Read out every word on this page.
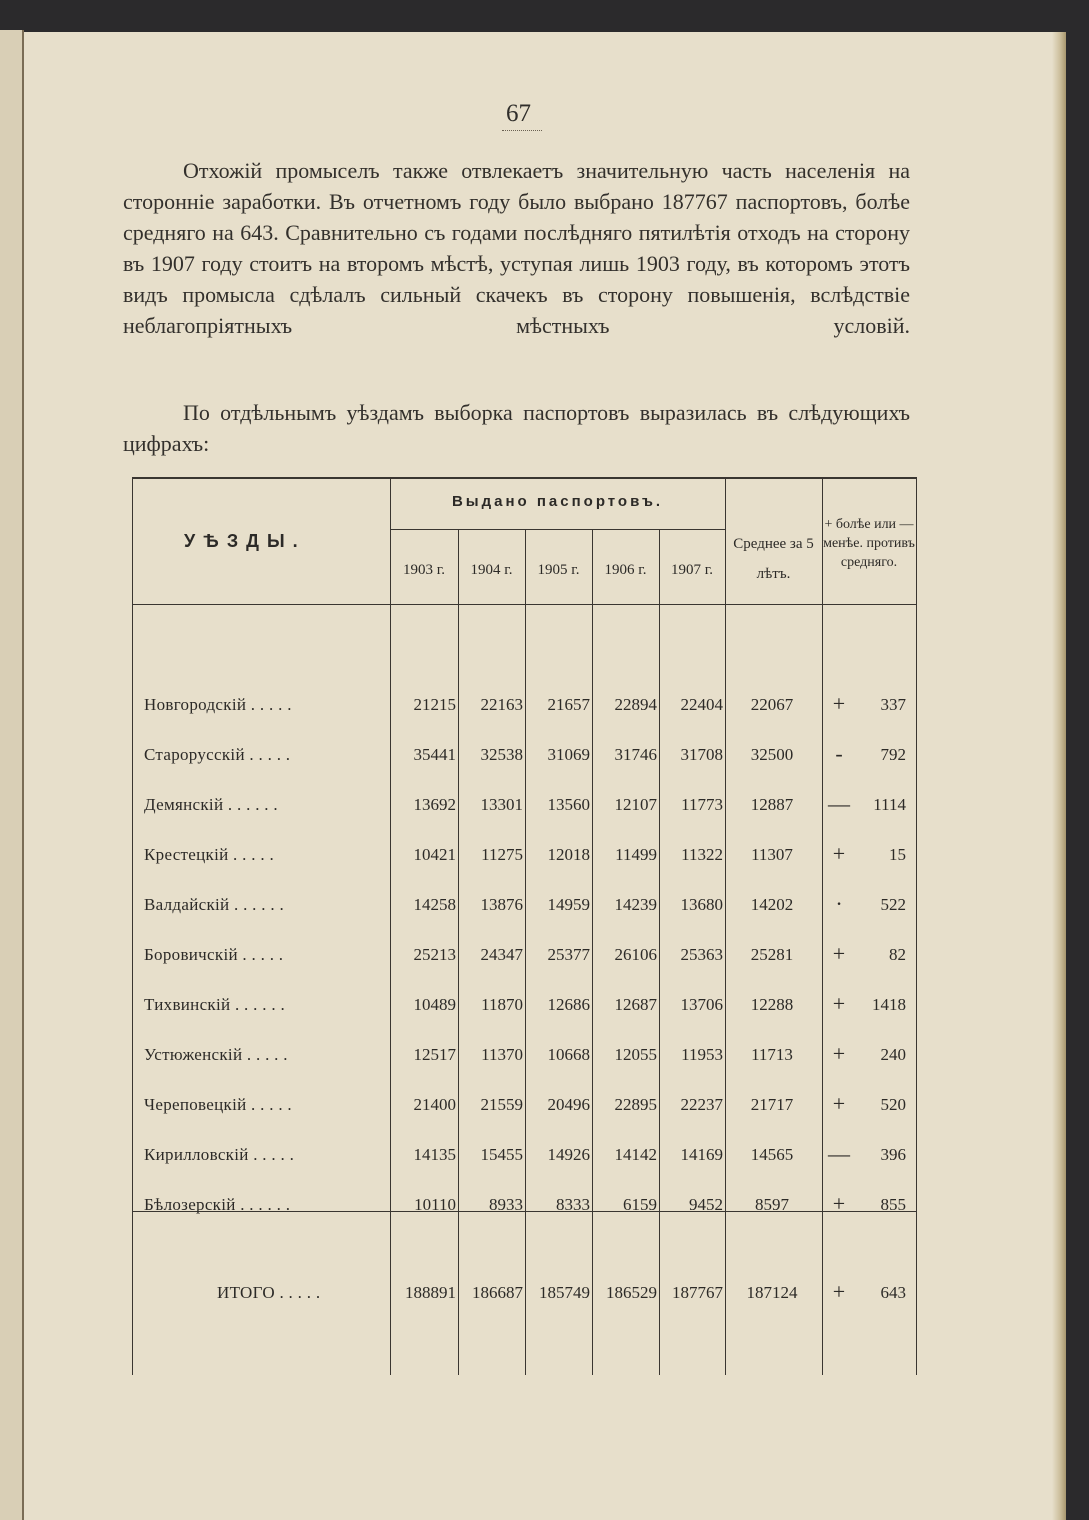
67
Отхожій промыселъ также отвлекаетъ значительную часть населенія на сторонніе заработки. Въ отчетномъ году было выбрано 187767 паспортовъ, болѣе средняго на 643. Сравнительно съ годами послѣдняго пятилѣтія отходъ на сторону въ 1907 году стоитъ на второмъ мѣстѣ, уступая лишь 1903 году, въ которомъ этотъ видъ промысла сдѣлалъ сильный скачекъ въ сторону повышенія, вслѣдствіе неблагопріятныхъ мѣстныхъ условій.
По отдѣльнымъ уѣздамъ выборка паспортовъ выразилась въ слѣдующихъ цифрахъ:
УѢЗДЫ.
Выдано паспортовъ.
1903 г.	1904 г.	1905 г.	1906 г.	1907 г.
Среднее за 5 лѣтъ.
+ болѣе или — менѣе. противъ средняго.
Новгородскій . . . . .	21215	22163	21657	22894	22404	22067	+	337
Старорусскій . . . . .	35441	32538	31069	31746	31708	32500	-	792
Демянскій . . . . . .	13692	13301	13560	12107	11773	12887	—	1114
Крестецкій . . . . .	10421	11275	12018	11499	11322	11307	+	15
Валдайскій . . . . . .	14258	13876	14959	14239	13680	14202	·	522
Боровичскій . . . . .	25213	24347	25377	26106	25363	25281	+	82
Тихвинскій . . . . . .	10489	11870	12686	12687	13706	12288	+	1418
Устюженскій . . . . .	12517	11370	10668	12055	11953	11713	+	240
Череповецкій . . . . .	21400	21559	20496	22895	22237	21717	+	520
Кирилловскій . . . . .	14135	15455	14926	14142	14169	14565	—	396
Бѣлозерскій . . . . . .	10110	8933	8333	6159	9452	8597	+	855
ИТОГО . . . . .	188891 186687 185749 186529 187767	187124	+	643
